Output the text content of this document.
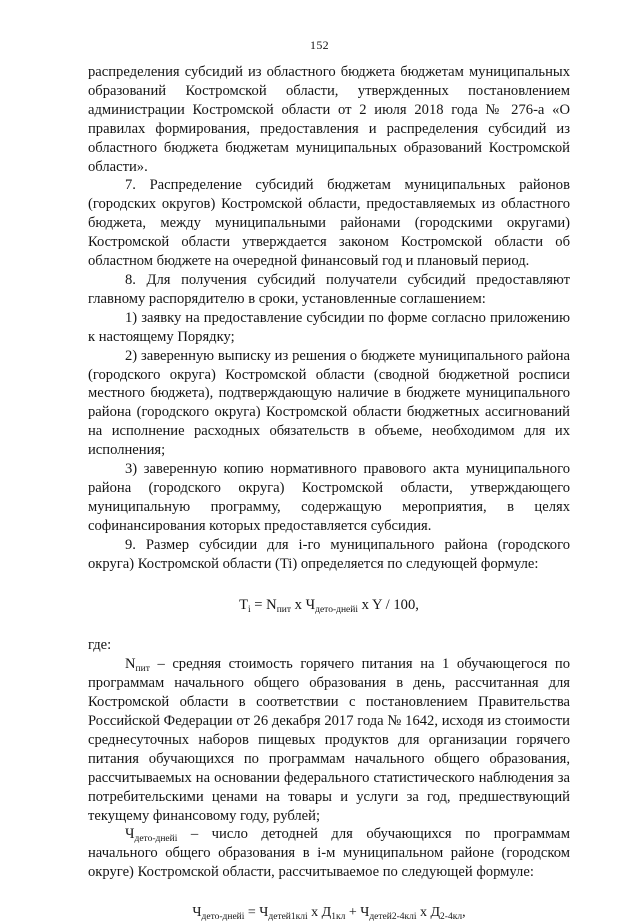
152

распределения субсидий из областного бюджета бюджетам муниципальных образований Костромской области, утвержденных постановлением администрации Костромской области от 2 июля 2018 года № 276-а «О правилах формирования, предоставления и распределения субсидий из областного бюджета бюджетам муниципальных образований Костромской области».

7. Распределение субсидий бюджетам муниципальных районов (городских округов) Костромской области, предоставляемых из областного бюджета, между муниципальными районами (городскими округами) Костромской области утверждается законом Костромской области об областном бюджете на очередной финансовый год и плановый период.

8. Для получения субсидий получатели субсидий предоставляют главному распорядителю в сроки, установленные соглашением:

1) заявку на предоставление субсидии по форме согласно приложению к настоящему Порядку;

2) заверенную выписку из решения о бюджете муниципального района (городского округа) Костромской области (сводной бюджетной росписи местного бюджета), подтверждающую наличие в бюджете муниципального района (городского округа) Костромской области бюджетных ассигнований на исполнение расходных обязательств в объеме, необходимом для их исполнения;

3) заверенную копию нормативного правового акта муниципального района (городского округа) Костромской области, утверждающего муниципальную программу, содержащую мероприятия, в целях софинансирования которых предоставляется субсидия.

9. Размер субсидии для i-го муниципального района (городского округа) Костромской области (Ti) определяется по следующей формуле:

$T_i = N_{пит}$ x $Ч_{дето-днейi}$ x Y / 100,

где:

$N_{пит}$ – средняя стоимость горячего питания на 1 обучающегося по программам начального общего образования в день, рассчитанная для Костромской области в соответствии с постановлением Правительства Российской Федерации от 26 декабря 2017 года № 1642, исходя из стоимости среднесуточных наборов пищевых продуктов для организации горячего питания обучающихся по программам начального общего образования, рассчитываемых на основании федерального статистического наблюдения за потребительскими ценами на товары и услуги за год, предшествующий текущему финансовому году, рублей;

$Ч_{дето-днейi}$ – число детодней для обучающихся по программам начального общего образования в i-м муниципальном районе (городском округе) Костромской области, рассчитываемое по следующей формуле:

$Ч_{дето-днейi} = Ч_{детей1клi}$ x $Д_{1кл} + Ч_{детей2-4клi}$ x $Д_{2-4кл}$,
